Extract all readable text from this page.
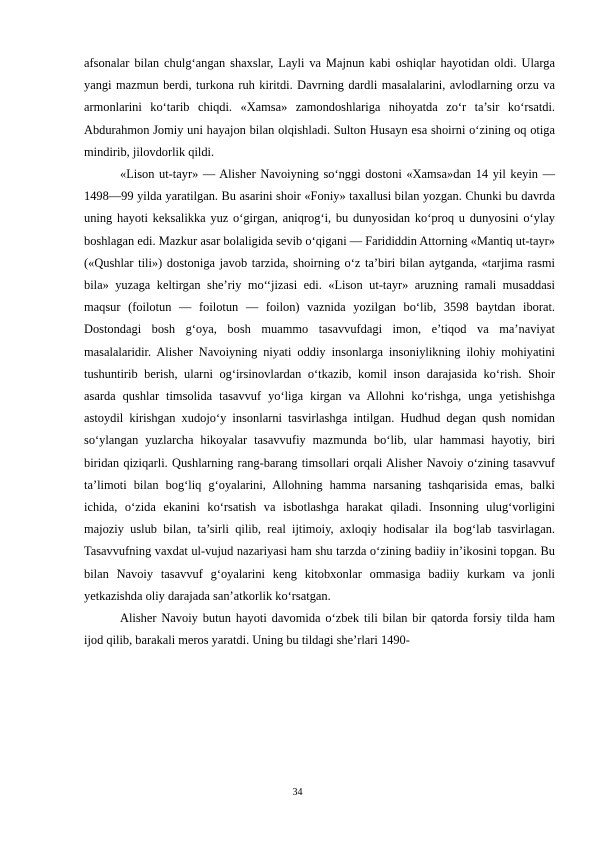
afsonalar bilan chulg‘angan shaxslar, Layli va Majnun kabi oshiqlar hayotidan oldi. Ularga yangi mazmun berdi, turkona ruh kiritdi. Davrning dardli masalalarini, avlodlarning orzu va armonlarini ko‘tarib chiqdi. «Xamsa» zamondoshlariga nihoyatda zo‘r ta’sir ko‘rsatdi. Abdurahmon Jomiy uni hayajon bilan olqishladi. Sulton Husayn esa shoirni o‘zining oq otiga mindirib, jilovdorlik qildi.

«Lison ut-tayr» — Alisher Navoiyning so‘nggi dostoni «Xamsa»dan 14 yil keyin — 1498—99 yilda yaratilgan. Bu asarini shoir «Foniy» taxallusi bilan yozgan. Chunki bu davrda uning hayoti keksalikka yuz o‘girgan, aniqrog‘i, bu dunyosidan ko‘proq u dunyosini o‘ylay boshlagan edi. Mazkur asar bolaligida sevib o‘qigani — Farididdin Attorning «Mantiq ut-tayr» («Qushlar tili») dostoniga javob tarzida, shoirning o‘z ta’biri bilan aytganda, «tarjima rasmi bila» yuzaga keltirgan she’riy mo‘‘jizasi edi. «Lison ut-tayr» aruzning ramali musaddasi maqsur (foilotun — foilotun — foilon) vaznida yozilgan bo‘lib, 3598 baytdan iborat. Dostondagi bosh g‘oya, bosh muammo tasavvufdagi imon, e’tiqod va ma’naviyat masalalaridir. Alisher Navoiyning niyati oddiy insonlarga insoniylikning ilohiy mohiyatini tushuntirib berish, ularni og‘irsinovlardan o‘tkazib, komil inson darajasida ko‘rish. Shoir asarda qushlar timsolida tasavvuf yo‘liga kirgan va Allohni ko‘rishga, unga yetishishga astoydil kirishgan xudojo‘y insonlarni tasvirlashga intilgan. Hudhud degan qush nomidan so‘ylangan yuzlarcha hikoyalar tasavvufiy mazmunda bo‘lib, ular hammasi hayotiy, biri biridan qiziqarli. Qushlarning rang-barang timsollari orqali Alisher Navoiy o‘zining tasavvuf ta’limoti bilan bog‘liq g‘oyalarini, Allohning hamma narsaning tashqarisida emas, balki ichida, o‘zida ekanini ko‘rsatish va isbotlashga harakat qiladi. Insonning ulug‘vorligini majoziy uslub bilan, ta’sirli qilib, real ijtimoiy, axloqiy hodisalar ila bog‘lab tasvirlagan. Tasavvufning vaxdat ul-vujud nazariyasi ham shu tarzda o‘zining badiiy in’ikosini topgan. Bu bilan Navoiy tasavvuf g‘oyalarini keng kitobxonlar ommasiga badiiy kurkam va jonli yetkazishda oliy darajada san’atkorlik ko‘rsatgan.

Alisher Navoiy butun hayoti davomida o‘zbek tili bilan bir qatorda forsiy tilda ham ijod qilib, barakali meros yaratdi. Uning bu tildagi she’rlari 1490-

34
